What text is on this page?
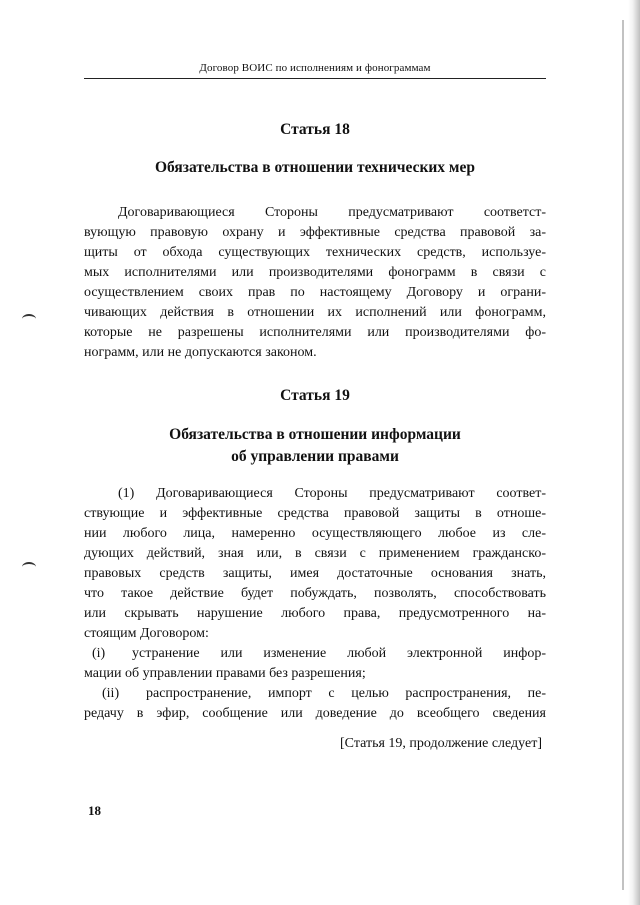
Договор ВОИС по исполнениям и фонограммам
Статья 18
Обязательства в отношении технических мер
Договаривающиеся Стороны предусматривают соответст-
вующую правовую охрану и эффективные средства правовой за-
щиты от обхода существующих технических средств, используе-
мых исполнителями или производителями фонограмм в связи с
осуществлением своих прав по настоящему Договору и ограни-
чивающих действия в отношении их исполнений или фонограмм,
которые не разрешены исполнителями или производителями фо-
нограмм, или не допускаются законом.
Статья 19
Обязательства в отношении информации
об управлении правами
(1) Договаривающиеся Стороны предусматривают соответ-
ствующие и эффективные средства правовой защиты в отноше-
нии любого лица, намеренно осуществляющего любое из сле-
дующих действий, зная или, в связи с применением гражданско-
правовых средств защиты, имея достаточные основания знать,
что такое действие будет побуждать, позволять, способствовать
или скрывать нарушение любого права, предусмотренного на-
стоящим Договором:
(i)	устранение или изменение любой электронной инфор-
мации об управлении правами без разрешения;
(ii)	распространение, импорт с целью распространения, пе-
редачу в эфир, сообщение или доведение до всеобщего сведения
[Статья 19, продолжение следует]
18
